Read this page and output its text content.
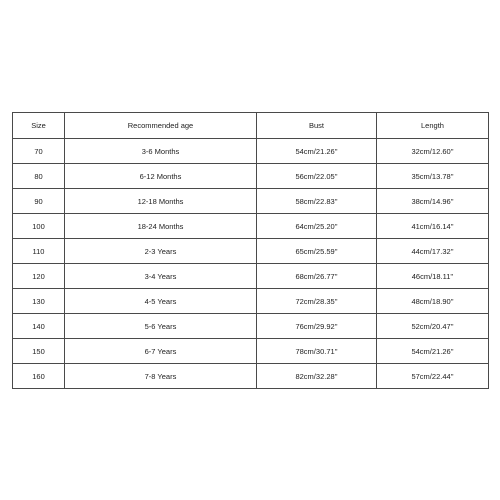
Size	Recommended age	Bust	Length
70	3-6 Months	54cm/21.26''	32cm/12.60''
80	6-12 Months	56cm/22.05''	35cm/13.78''
90	12-18 Months	58cm/22.83''	38cm/14.96''
100	18-24 Months	64cm/25.20''	41cm/16.14''
110	2-3 Years	65cm/25.59''	44cm/17.32''
120	3-4 Years	68cm/26.77''	46cm/18.11''
130	4-5 Years	72cm/28.35''	48cm/18.90''
140	5-6 Years	76cm/29.92''	52cm/20.47''
150	6-7 Years	78cm/30.71''	54cm/21.26''
160	7-8 Years	82cm/32.28''	57cm/22.44''
